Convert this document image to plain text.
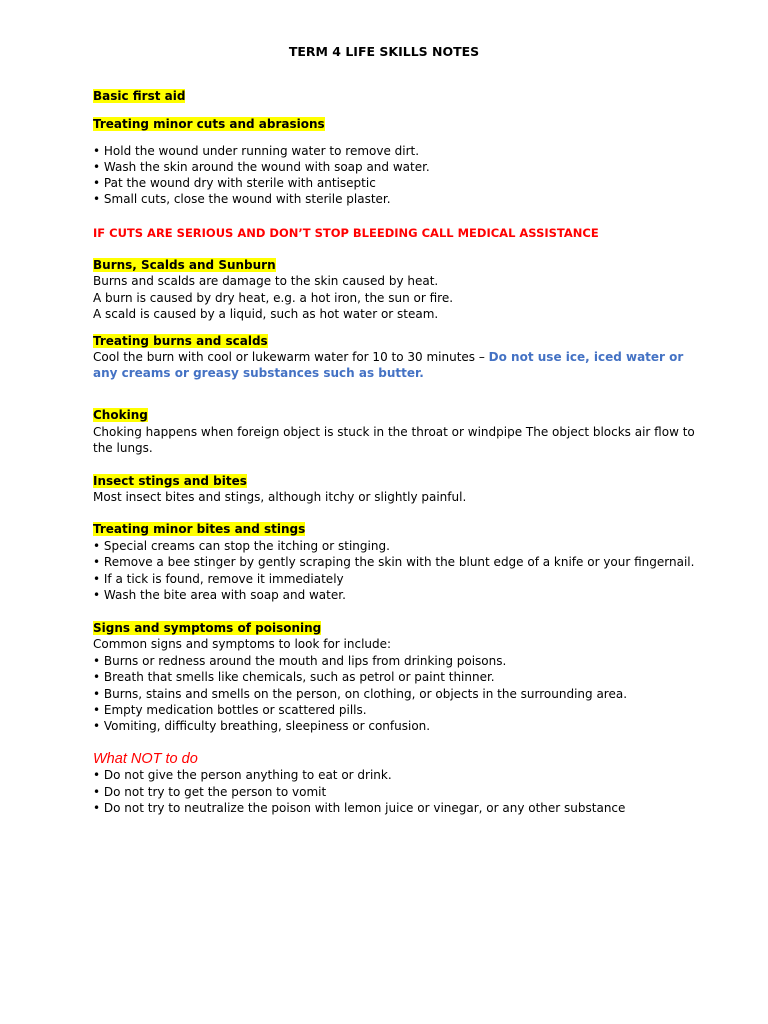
TERM 4 LIFE SKILLS NOTES

Basic first aid

Treating minor cuts and abrasions

• Hold the wound under running water to remove dirt.

• Wash the skin around the wound with soap and water.

• Pat the wound dry with sterile with antiseptic

• Small cuts, close the wound with sterile plaster.

IF CUTS ARE SERIOUS AND DON’T STOP BLEEDING CALL MEDICAL ASSISTANCE

Burns, Scalds and Sunburn

Burns and scalds are damage to the skin caused by heat.

A burn is caused by dry heat, e.g. a hot iron, the sun or fire.

A scald is caused by a liquid, such as hot water or steam.

Treating burns and scalds

Cool the burn with cool or lukewarm water for 10 to 30 minutes – Do not use ice, iced water or

any creams or greasy substances such as butter.

Choking

Choking happens when foreign object is stuck in the throat or windpipe The object blocks air flow to

the lungs.

Insect stings and bites

Most insect bites and stings, although itchy or slightly painful.

Treating minor bites and stings

• Special creams can stop the itching or stinging.

• Remove a bee stinger by gently scraping the skin with the blunt edge of a knife or your fingernail.

• If a tick is found, remove it immediately

• Wash the bite area with soap and water.

Signs and symptoms of poisoning

Common signs and symptoms to look for include:

• Burns or redness around the mouth and lips from drinking poisons.

• Breath that smells like chemicals, such as petrol or paint thinner.

• Burns, stains and smells on the person, on clothing, or objects in the surrounding area.

• Empty medication bottles or scattered pills.

• Vomiting, difficulty breathing, sleepiness or confusion.

What NOT to do

• Do not give the person anything to eat or drink.

• Do not try to get the person to vomit

• Do not try to neutralize the poison with lemon juice or vinegar, or any other substance
